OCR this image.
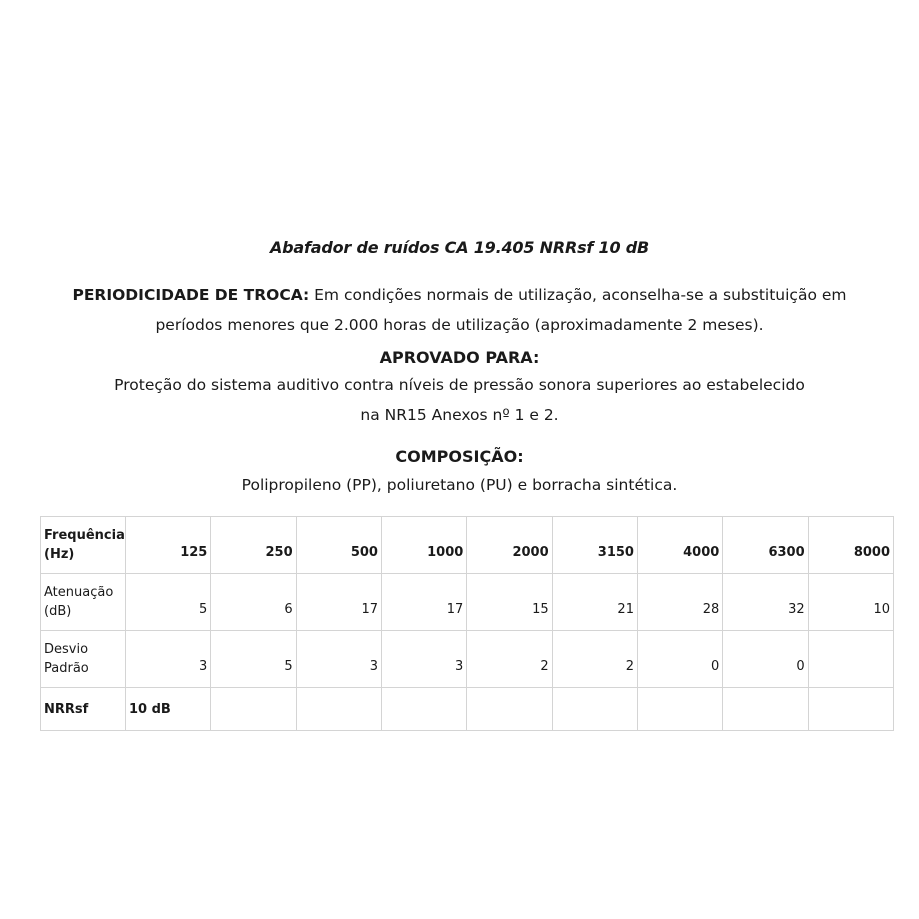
Abafador de ruídos CA 19.405 NRRsf 10 dB
PERIODICIDADE DE TROCA: Em condições normais de utilização, aconselha-se a substituição em
períodos menores que 2.000 horas de utilização (aproximadamente 2 meses).
APROVADO PARA:
Proteção do sistema auditivo contra níveis de pressão sonora superiores ao estabelecido
na NR15 Anexos nº 1 e 2.
COMPOSIÇÃO:
Polipropileno (PP), poliuretano (PU) e borracha sintética.
Frequência
(Hz)	125	250	500	1000	2000	3150	4000	6300	8000
Atenuação
(dB)	5	6	17	17	15	21	28	32	10
Desvio
Padrão	3	5	3	3	2	2	0	0	
NRRsf	10 dB								
